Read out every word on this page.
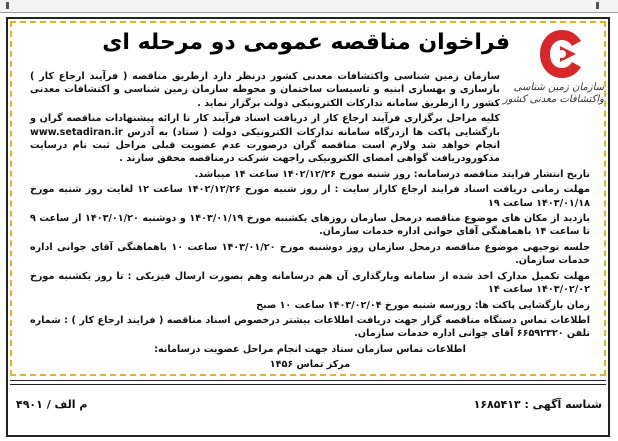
سازمان زمین شناسی
واکتشافات معدنی کشور
فراخوان مناقصه عمومی دو مرحله ای

سازمان زمین شناسی واکتشافات معدنی کشور درنظر دارد ازطریق مناقصه ( فرآیند ارجاع کار ) بازسازی و بهسازی ابنیه و تاسیسات ساختمان و محوطه سازمان زمین شناسی و اکتشافات معدنی کشور را ازطریق سامانه تدارکات الکترونیکی دولت برگزار نماید .

کلیه مراحل برگزاری فرآیند ارجاع کار از دریافت اسناد فرآیند کار تا ارائه پیشنهادات مناقصه گران و بازگشایی پاکت ها ازدرگاه سامانه تدارکات الکترونیکی دولت ( ستاد) به آدرس www.setadiran.ir انجام خواهد شد ولازم است مناقصه گران درصورت عدم عضویت قبلی مراحل ثبت نام درسایت مذکورودریافت گواهی امضای الکترونیکی راجهت شرکت درمناقصه محقق سازند .

تاریخ انتشار فرایند مناقصه درسامانه: روز شنبه مورخ ۱۴۰۲/۱۲/۲۶ ساعت ۱۴ میباشد.

مهلت زمانی دریافت اسناد فرایند ارجاع کاراز سایت : از روز شنبه مورخ ۱۴۰۲/۱۲/۲۶ ساعت ۱۲ لغایت روز شنبه مورخ ۱۴۰۳/۰۱/۱۸ ساعت ۱۹

بازدید از مکان های موضوع مناقصه درمحل سازمان روزهای یکشنبه مورخ ۱۴۰۳/۰۱/۱۹ و دوشنبه ۱۴۰۳/۰۱/۲۰ از ساعت ۹ تا ساعت ۱۴ باهماهنگی آقای جوانی اداره خدمات سازمان.

جلسه توجیهی موضوع مناقصه درمحل سازمان روز دوشنبه مورخ ۱۴۰۳/۰۱/۲۰ ساعت ۱۰ باهماهنگی آقای جوانی اداره خدمات سازمان.

مهلت تکمیل مدارک اخذ شده از سامانه وبارگذاری آن هم درسامانه وهم بصورت ارسال فیزیکی : تا روز یکشنبه مورخ ۱۴۰۳/۰۲/۰۲ ساعت ۱۴

زمان بازگشایی پاکت ها: روزسه شنبه مورخ ۱۴۰۳/۰۲/۰۴ ساعت ۱۰ صبح

اطلاعات تماس دستگاه مناقصه گزار جهت دریافت اطلاعات بیشتر درخصوص اسناد مناقصه ( فرایند ارجاع کار ) : شماره تلفن ۶۶۵۹۲۳۲۰ آقای جوانی اداره خدمات سازمان.

اطلاعات تماس سازمان ستاد جهت انجام مراحل عضویت درسامانه:

مرکز تماس ۱۴۵۶

شناسه آگهی : ۱۶۸۵۴۱۳
م الف / ۴۹۰۱
